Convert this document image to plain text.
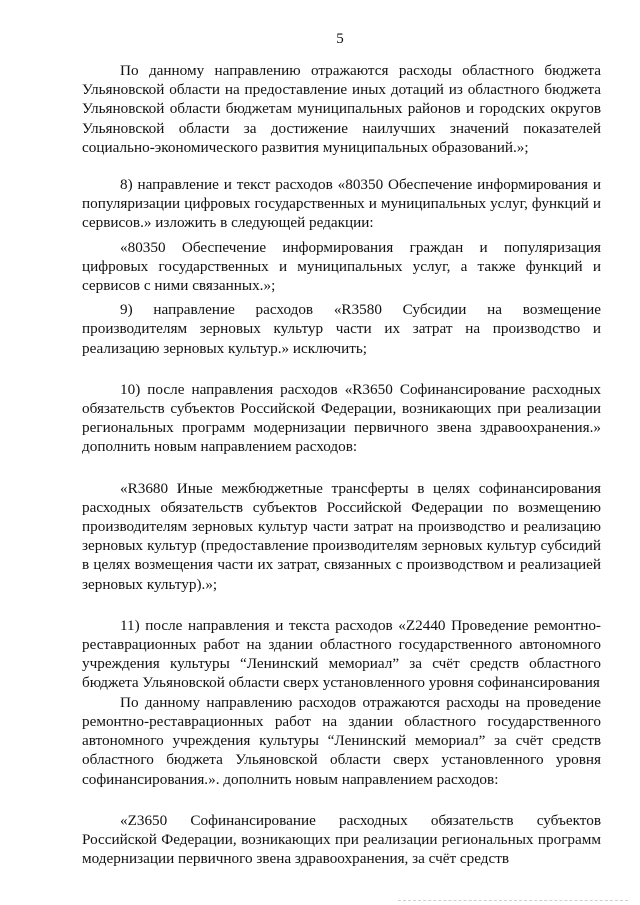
5

По данному направлению отражаются расходы областного бюджета Ульяновской области на предоставление иных дотаций из областного бюджета Ульяновской области бюджетам муниципальных районов и городских округов Ульяновской области за достижение наилучших значений показателей социально-экономического развития муниципальных образований.»;

8) направление и текст расходов «80350 Обеспечение информирования и популяризации цифровых государственных и муниципальных услуг, функций и сервисов.» изложить в следующей редакции:

«80350 Обеспечение информирования граждан и популяризация цифровых государственных и муниципальных услуг, а также функций и сервисов с ними связанных.»;

9) направление расходов «R3580 Субсидии на возмещение производителям зерновых культур части их затрат на производство и реализацию зерновых культур.» исключить;

10) после направления расходов «R3650 Софинансирование расходных обязательств субъектов Российской Федерации, возникающих при реализации региональных программ модернизации первичного звена здравоохранения.» дополнить новым направлением расходов:

«R3680 Иные межбюджетные трансферты в целях софинансирования расходных обязательств субъектов Российской Федерации по возмещению производителям зерновых культур части затрат на производство и реализацию зерновых культур (предоставление производителям зерновых культур субсидий в целях возмещения части их затрат, связанных с производством и реализацией зерновых культур).»;

11) после направления и текста расходов «Z2440 Проведение ремонтно-реставрационных работ на здании областного государственного автономного учреждения культуры “Ленинский мемориал” за счёт средств областного бюджета Ульяновской области сверх установленного уровня софинансирования

По данному направлению расходов отражаются расходы на проведение ремонтно-реставрационных работ на здании областного государственного автономного учреждения культуры “Ленинский мемориал” за счёт средств областного бюджета Ульяновской области сверх установленного уровня софинансирования.». дополнить новым направлением расходов:

«Z3650 Софинансирование расходных обязательств субъектов Российской Федерации, возникающих при реализации региональных программ модернизации первичного звена здравоохранения, за счёт средств
